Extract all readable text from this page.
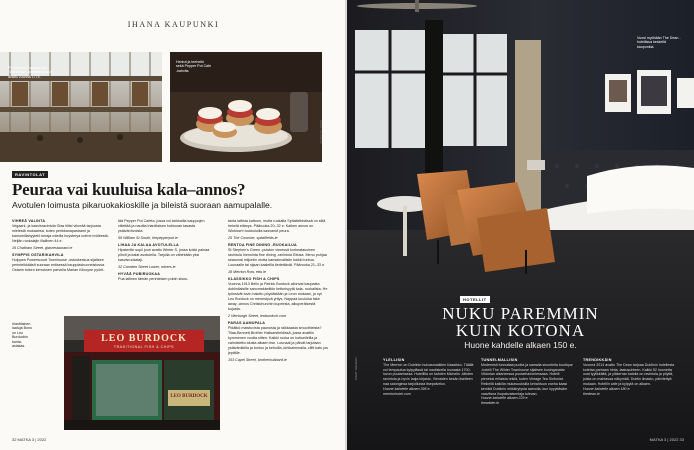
IHANA KAUPUNKI
Perinteinen Powerscourt Townhouse -ostoskeskus on avattu vuonna 1774.
Herkut ja teehetki sekä Pepper Pot Cafe -kahvila.
RAVINTOLAT
Peuraa vai kuuluisa kala–annos?
Avotulen loimusta pikaruokakioskille ja bileistä suoraan aamupalalle.
VIHREÄ VALINTA

Vegaani- ja kasvisravintola Glas tilitsi vihreää tarjousta mielestä mukaansa, kuten perikkanapastrami ja kamomillahyytelö keraja miedla hoysterya crème brûléestä. Neljän ruokalajin illallinen 44 e.

16 Chatham Street, glasrestaurant.ie

SYMPPIS OSTARIKAHVILA

Hulppea Powerscourt Townhouse -ostoskeskus sijaitsee perinteikkäästi suoraan entisessä kauppiashuoneistossa. Ostarin toisen kerroksen parvella Marian Kilcoyne pyörit-

Irlantilainen laatuja Bono on Leo Burdockin kanta-asiakas.
LEO BURDOCK
TRADITIONAL FISH & CHIPS
LEO BURDOCK

tää Pepper Pot Cafeta, jossa voi tarkkailla kauppojen viilettää ja nauttia irlantilaisen kotiruoan tasasta ystävänhvoista.

59 William St South, thepepperpot.ie

LIHAA JA KALAA AVOTULELLA

Hipsterille sopii juuri avattu Winter S, jossa kokki painaa pihvit ja kalat avotulella. Tarjolla on vähintään yksi kasvisruokalaji.

32 Camden Street Lower, mixers.ie

HYVÄÄ PUBIRUOKAA

Pua lallinen tämän perinteisen pubin sisus-

tanta lattista kattoon, mutta ruokalla Spitaltelbistissä on siitä hekelä elämys. Pääruoka 20–32 e. Kaiken annos on Wicklow’n kukkuloilla kasvanut peura.

25 The Coombe, spitalfields.ie

RENTOA FINE DINING -RUOKAILUA

St Stephen’s Green -puiston vieressä korkeatasoinen ravintola hienointa fine dining -ravintola Ettosa. Menu pohjaa seasonal miljoniin mutta kansainvälisiin kaikki tuntua. Lounaalle tai sijaan kaaleilla tiedettävät. Pääruoka 21–33 e.

18 Merrion Row, etto.ie

KLASSIKKO FISH & CHIPS

Vuonna 1913 Bello ja Patrick Burdock allonvat kaupasta dublinilaisille sanomakkeittiin ketturisyytä kala- ruokalista. He työnsivät tovin haluttu pöydästään ja Leon mukaan, ja nyt Leo Burdock on menestyvä yritys. Nappaa kuuluisa take away -annos Christchurchin kupeesta, alkuperäisestä kojusta.

2 Werburgh Street, leoburdock.com

PARAS AAMUPALA

Pidätkö maistuvista pauroista ja raikkaasta smoothieista? Tilaa-Bennett Brother Hallsarsfieldissä, jossa avattiin kymmenen vuotta sitten. Kaikki ruoka on kotiuelleilla ja valmistettu alusta alkaen itse. Lounaat ja päivät tarjotaan ystävänkkilla ja tuntuu ja kehuilla, kirkkaimmalla, cliltt katu jos jepätlle.

153 Capel Street, brotherhubbard.ie

32 MATKA 3 | 2022
Vuosi myöhään The Dean -hotellissa keskellä kaupunkia.
KUVAT: THE DEAN
HOTELLIT
NUKU PAREMMIN
KUIN KOTONA
Huone kahdelle alkaen 150 e.
YLELLISIN

The Merrion on Dublinin hulvasmatkilen klassikko. Täällä voi tempautua kylpylässä tai nautiskella lounasta 1700-luvun puutarhassa. Hotellilla on kahden Michelin -tähden ravintola ja hyvin laaja kirjasto. Vieraiden kesän itselleen naa salonginsa tarjoilluista itsepalvelux.

Huone kahdelle alkaen 395 e.

merrionhotel.com

TUNNELMALLISIN

Modernisti tunnuttaa puolta ja samalla sinunteita boutique -hotelli The Wilder Townhouse sijaitsee kuninganatar Viktorian alkaneessa puutarhaironlessasa. Hotelli pieneksi erilaista rekilä, kuten Vintage Tea Sinfoniat. Reikellä kaikilla mukavuuksilla kehahtuun vanha kaasi kerrälä Dublinin mökkirytysta aamulla, kun kyyyttäväm vaavitsea ihupakvaisentaja tulevan.

Huone kahdelle alkaen 229 e.

thewilder.ie

TRENDIKKÄIN

Vuonna 2014 avattu The Dean tarjoaa Dublinin hotellesta kotelaa parhaan hinta -laatusuhteen. Kaikki 52 huonetta ovat tyylikkäitä, ja yläkerran katolla on ravintola ja pöytiä, joista on mahtavaa näkymää. Dublin ilmasto, päivitettyä mukaan. Hotellin cafe ja kylpylä on alkaen.

Huone kahdelle alkaen 180 e.

thedean.ie

MATKA 3 | 2022 33
